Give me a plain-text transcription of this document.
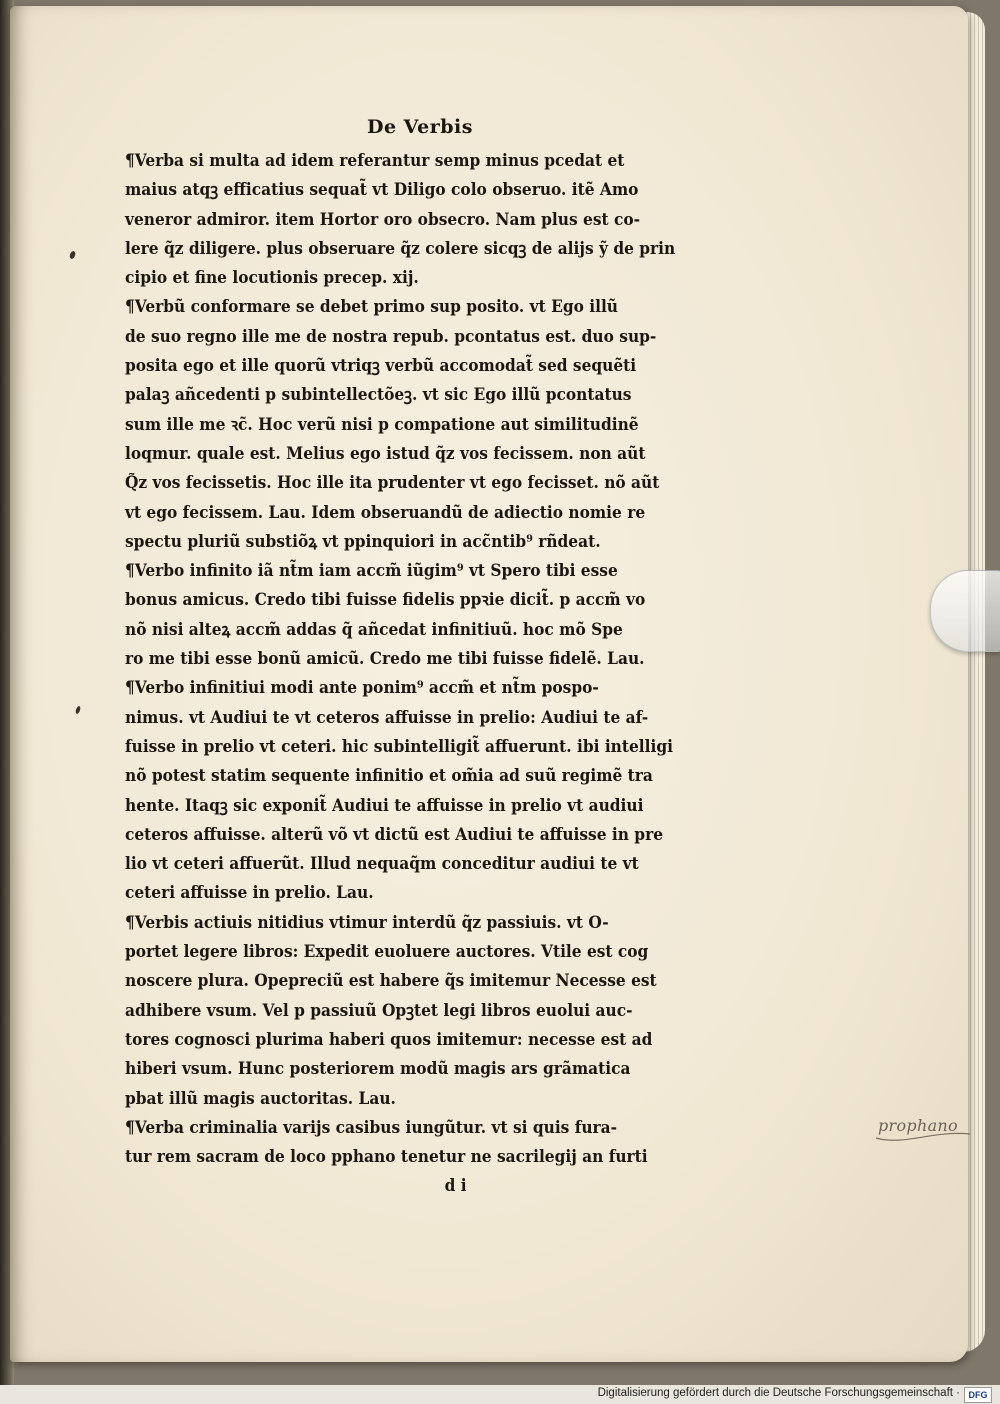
De Verbis
¶Verba si multa ad idem referantur semp minus pcedat et
maius atqꝫ efficatius sequat̃ vt Diligo colo obseruo. itẽ Amo
veneror admiror. item Hortor oro obsecro. Nam plus est co-
lere q̃z diligere. plus obseruare q̃z colere sicqꝫ de alijs ỹ de prin
cipio et fine locutionis precep. xij.
¶Verbũ conformare se debet primo sup posito. vt Ego illũ
de suo regno ille me de nostra repub. pcontatus est. duo sup-
posita ego et ille quorũ vtriqꝫ verbũ accomodat̃ sed sequẽti
palaꝫ añcedenti p subintellectõeꝫ. vt sic Ego illũ pcontatus
sum ille me ꝛc̃. Hoc verũ nisi p compatione aut similitudinẽ
loqmur. quale est. Melius ego istud q̃z vos fecissem. non aũt
Q̃z vos fecissetis. Hoc ille ita prudenter vt ego fecisset. nõ aũt
vt ego fecissem. Lau. Idem obseruandũ de adiectio nomie re
spectu pluriũ substiõꝝ vt ppinquiori in acc̃ntib⁹ rñdeat.
¶Verbo infinito iã nt̃m iam accm̃ iũgim⁹ vt Spero tibi esse
bonus amicus. Credo tibi fuisse fidelis ppꝛie dicit̃. p accm̃ vo
nõ nisi alteꝝ accm̃ addas q̃ añcedat infinitiuũ. hoc mõ Spe
ro me tibi esse bonũ amicũ. Credo me tibi fuisse fidelẽ. Lau.
¶Verbo infinitiui modi ante ponim⁹ accm̃ et nt̃m pospo-
nimus. vt Audiui te vt ceteros affuisse in prelio: Audiui te af-
fuisse in prelio vt ceteri. hic subintelligit̃ affuerunt. ibi intelligi
nõ potest statim sequente infinitio et om̃ia ad suũ regimẽ tra
hente. Itaqꝫ sic exponit̃ Audiui te affuisse in prelio vt audiui
ceteros affuisse. alterũ võ vt dictũ est Audiui te affuisse in pre
lio vt ceteri affuerũt. Illud nequaq̃m conceditur audiui te vt
ceteri affuisse in prelio. Lau.
¶Verbis actiuis nitidius vtimur interdũ q̃z passiuis. vt O-
portet legere libros: Expedit euoluere auctores. Vtile est cog
noscere plura. Opepreciũ est habere q̃s imitemur Necesse est
adhibere vsum. Vel p passiuũ Opꝫtet legi libros euolui auc-
tores cognosci plurima haberi quos imitemur: necesse est ad
hiberi vsum. Hunc posteriorem modũ magis ars grãmatica
pbat illũ magis auctoritas. Lau.
¶Verba criminalia varijs casibus iungũtur. vt si quis fura-
tur rem sacram de loco pphano tenetur ne sacrilegij an furti
d i
prophano
Digitalisierung gefördert durch die Deutsche Forschungsgemeinschaft · DFG
